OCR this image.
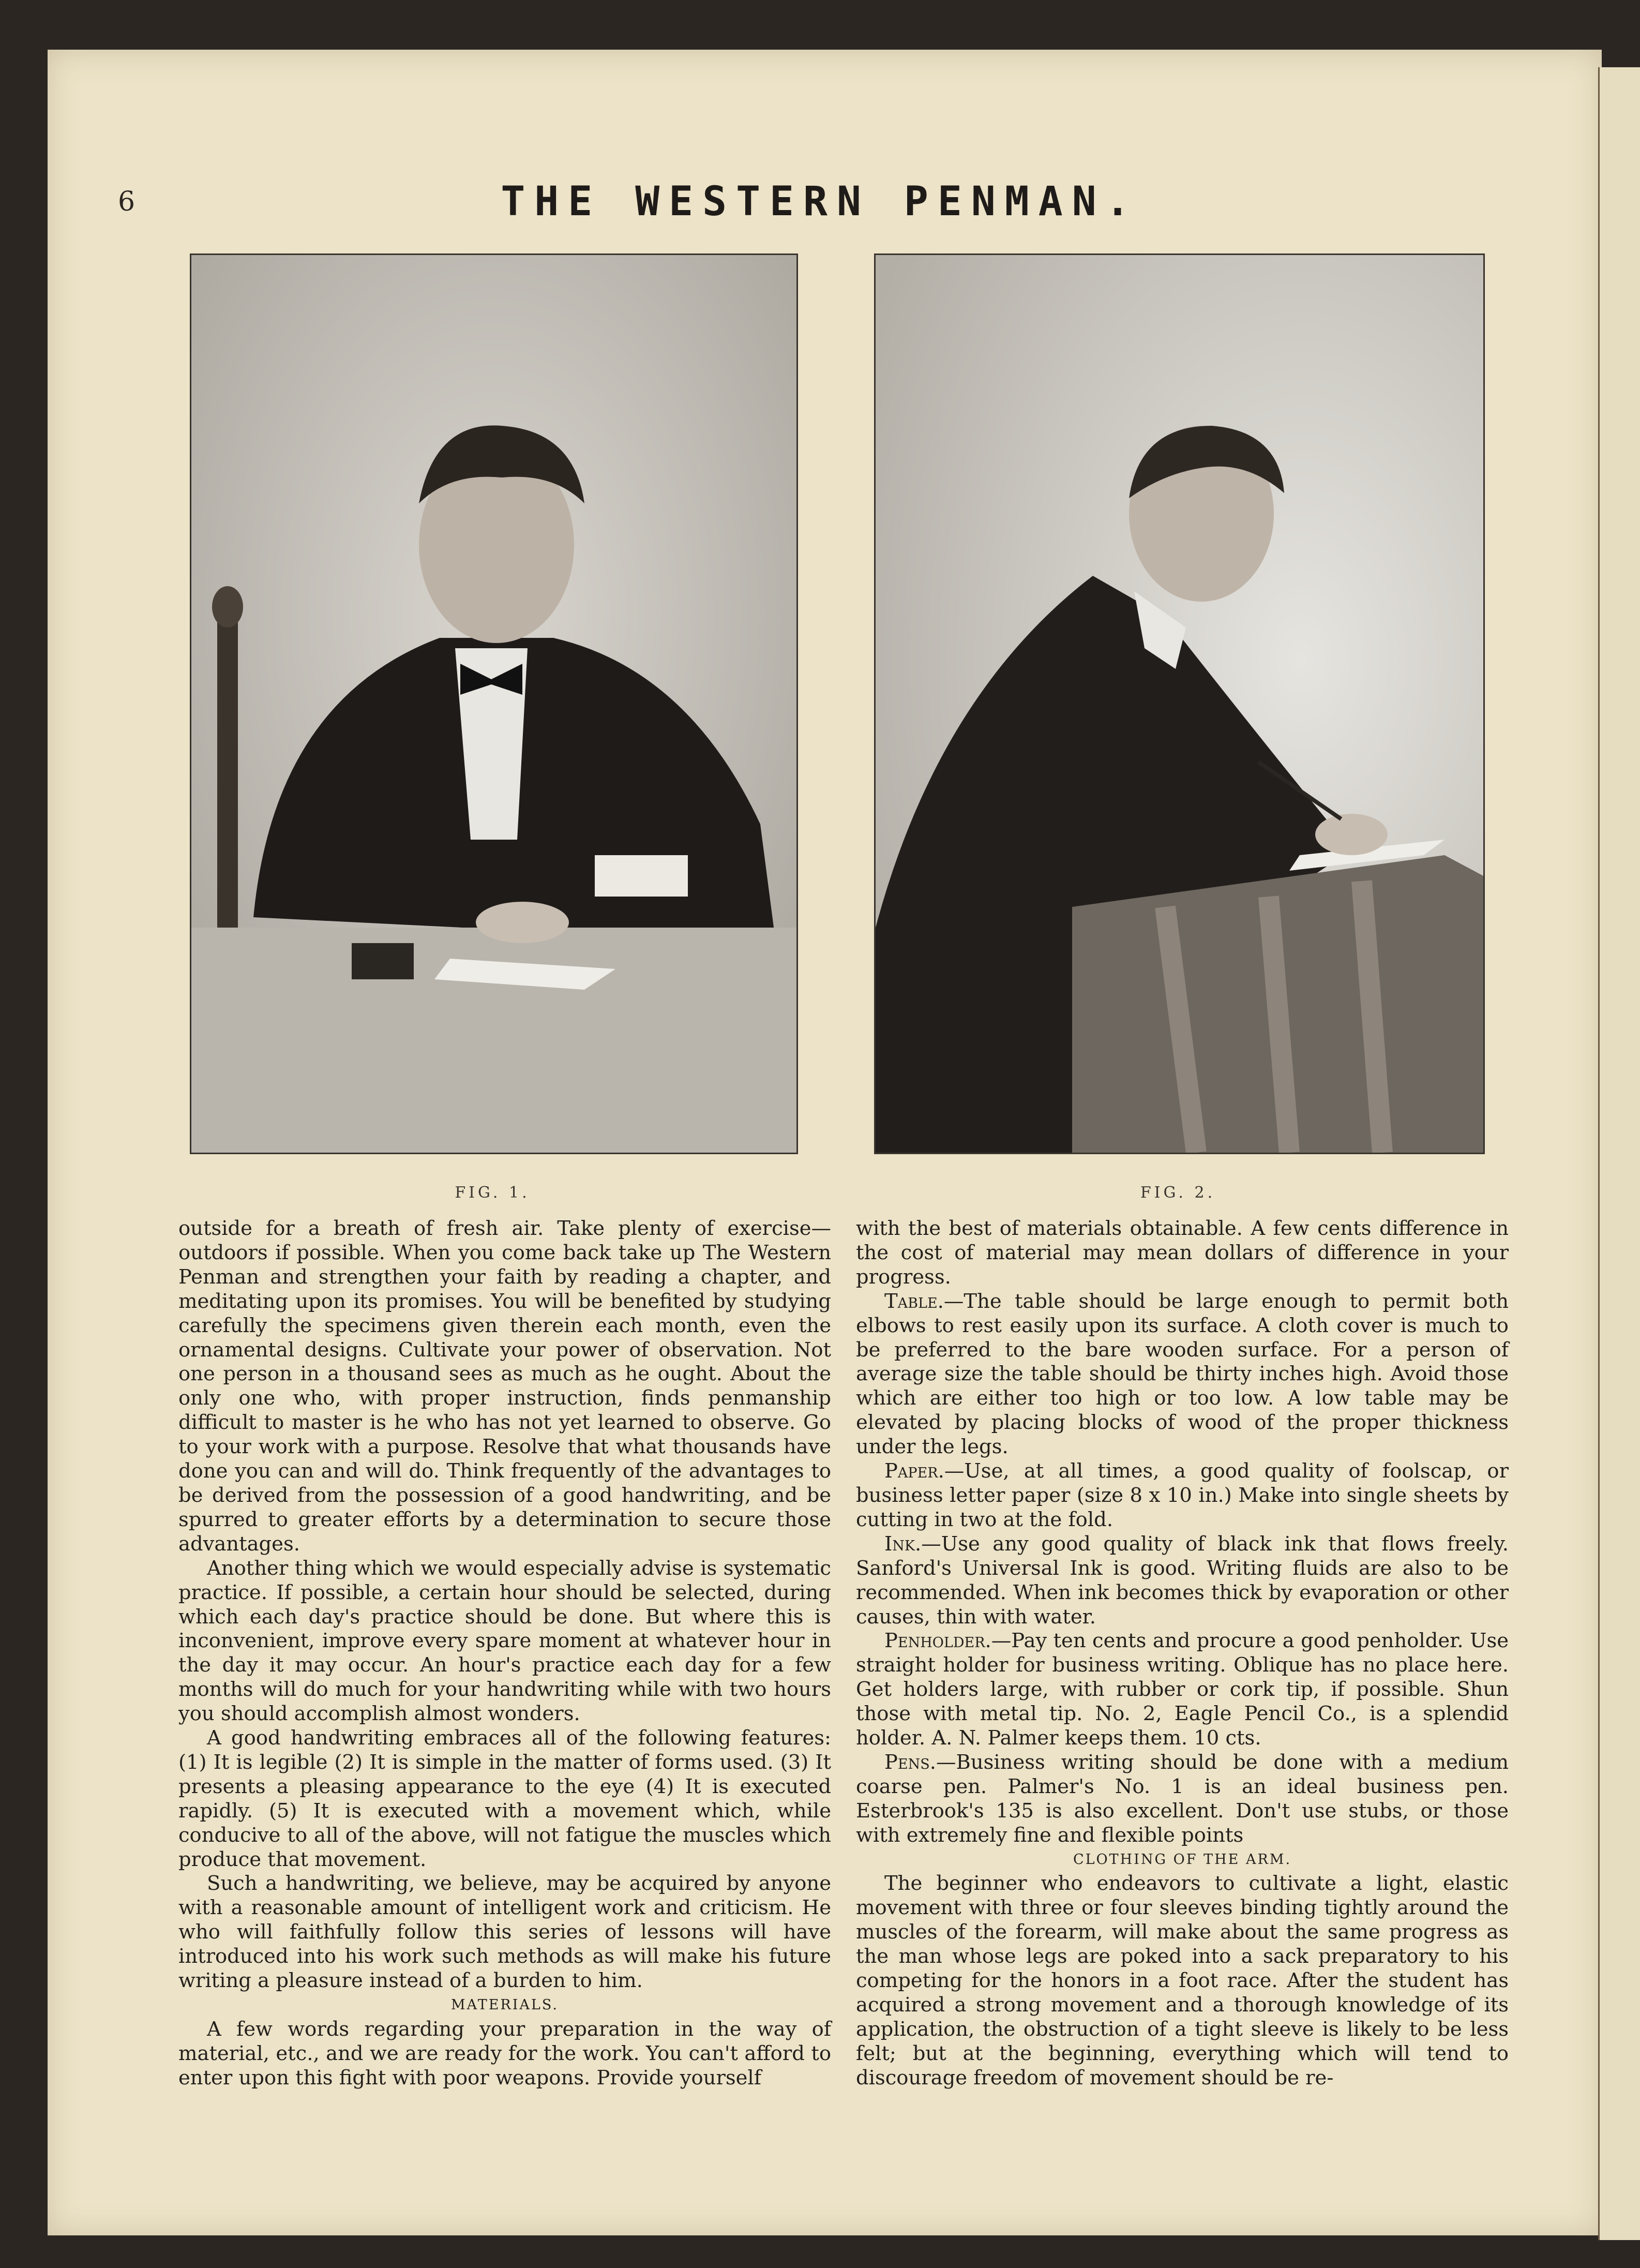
6	THE WESTERN PENMAN.
FIG. 1.	FIG. 2.

outside for a breath of fresh air. Take plenty of exercise— outdoors if possible. When you come back take up The Western Penman and strengthen your faith by reading a chapter, and meditating upon its promises. You will be benefited by studying carefully the specimens given therein each month, even the ornamental designs. Cultivate your power of observation. Not one person in a thousand sees as much as he ought. About the only one who, with proper instruction, finds penmanship difficult to master is he who has not yet learned to observe. Go to your work with a purpose. Resolve that what thousands have done you can and will do. Think frequently of the advantages to be derived from the possession of a good handwriting, and be spurred to greater efforts by a determination to secure those advantages.

Another thing which we would especially advise is systematic practice. If possible, a certain hour should be selected, during which each day's practice should be done. But where this is inconvenient, improve every spare moment at whatever hour in the day it may occur. An hour's practice each day for a few months will do much for your handwriting while with two hours you should accomplish almost wonders.

A good handwriting embraces all of the following features: (1) It is legible (2) It is simple in the matter of forms used. (3) It presents a pleasing appearance to the eye (4) It is executed rapidly. (5) It is executed with a movement which, while conducive to all of the above, will not fatigue the muscles which produce that movement.

Such a handwriting, we believe, may be acquired by anyone with a reasonable amount of intelligent work and criticism. He who will faithfully follow this series of lessons will have introduced into his work such methods as will make his future writing a pleasure instead of a burden to him.

MATERIALS.

A few words regarding your preparation in the way of material, etc., and we are ready for the work. You can't afford to enter upon this fight with poor weapons. Provide yourself

with the best of materials obtainable. A few cents difference in the cost of material may mean dollars of difference in your progress.

Table.—The table should be large enough to permit both elbows to rest easily upon its surface. A cloth cover is much to be preferred to the bare wooden surface. For a person of average size the table should be thirty inches high. Avoid those which are either too high or too low. A low table may be elevated by placing blocks of wood of the proper thickness under the legs.

Paper.—Use, at all times, a good quality of foolscap, or business letter paper (size 8 x 10 in.) Make into single sheets by cutting in two at the fold.

Ink.—Use any good quality of black ink that flows freely. Sanford's Universal Ink is good. Writing fluids are also to be recommended. When ink becomes thick by evaporation or other causes, thin with water.

Penholder.—Pay ten cents and procure a good penholder. Use straight holder for business writing. Oblique has no place here. Get holders large, with rubber or cork tip, if possible. Shun those with metal tip. No. 2, Eagle Pencil Co., is a splendid holder. A. N. Palmer keeps them. 10 cts.

Pens.—Business writing should be done with a medium coarse pen. Palmer's No. 1 is an ideal business pen. Esterbrook's 135 is also excellent. Don't use stubs, or those with extremely fine and flexible points

CLOTHING OF THE ARM.

The beginner who endeavors to cultivate a light, elastic movement with three or four sleeves binding tightly around the muscles of the forearm, will make about the same progress as the man whose legs are poked into a sack preparatory to his competing for the honors in a foot race. After the student has acquired a strong movement and a thorough knowledge of its application, the obstruction of a tight sleeve is likely to be less felt; but at the beginning, everything which will tend to discourage freedom of movement should be re-
